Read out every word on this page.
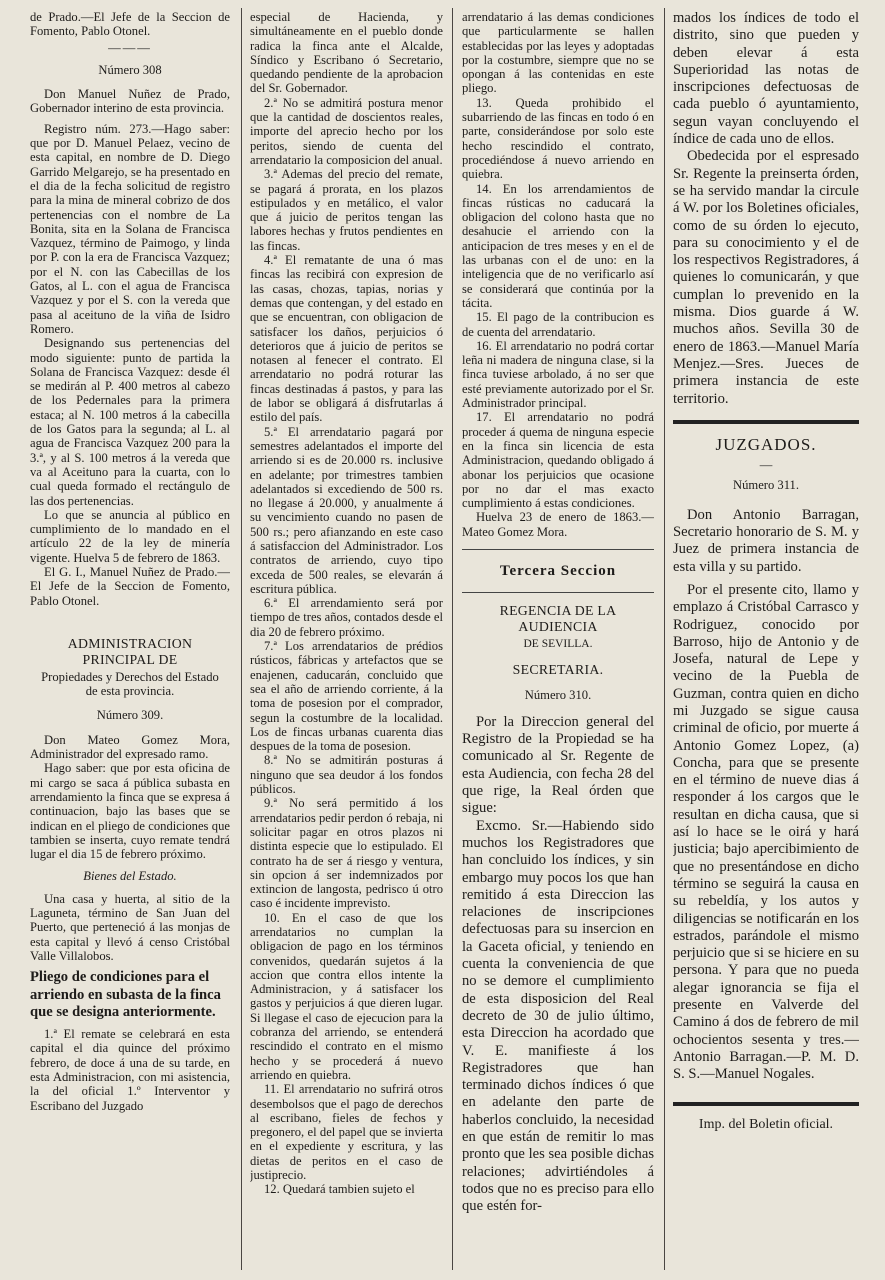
de Prado.—El Jefe de la Seccion de Fomento, Pablo Otonel.

———

Número 308

Don Manuel Nuñez de Prado, Gobernador interino de esta provincia.

Registro núm. 273.—Hago saber: que por D. Manuel Pelaez, vecino de esta capital, en nombre de D. Diego Garrido Melgarejo, se ha presentado en el dia de la fecha solicitud de registro para la mina de mineral cobrizo de dos pertenencias con el nombre de La Bonita, sita en la Solana de Francisca Vazquez, término de Paimogo, y linda por P. con la era de Francisca Vazquez; por el N. con las Cabecillas de los Gatos, al L. con el agua de Francisca Vazquez y por el S. con la vereda que pasa al aceituno de la viña de Isidro Romero.

Designando sus pertenencias del modo siguiente: punto de partida la Solana de Francisca Vazquez: desde él se medirán al P. 400 metros al cabezo de los Pedernales para la primera estaca; al N. 100 metros á la cabecilla de los Gatos para la segunda; al L. al agua de Francisca Vazquez 200 para la 3.ª, y al S. 100 metros á la vereda que va al Aceituno para la cuarta, con lo cual queda formado el rectángulo de las dos pertenencias.

Lo que se anuncia al público en cumplimiento de lo mandado en el artículo 22 de la ley de minería vigente. Huelva 5 de febrero de 1863.

El G. I., Manuel Nuñez de Prado.—El Jefe de la Seccion de Fomento, Pablo Otonel.

ADMINISTRACION PRINCIPAL DE

Propiedades y Derechos del Estado

de esta provincia.

Número 309.

Don Mateo Gomez Mora, Administrador del expresado ramo.

Hago saber: que por esta oficina de mi cargo se saca á pública subasta en arrendamiento la finca que se expresa á continuacion, bajo las bases que se indican en el pliego de condiciones que tambien se inserta, cuyo remate tendrá lugar el dia 15 de febrero próximo.

Bienes del Estado.

Una casa y huerta, al sitio de la Laguneta, término de San Juan del Puerto, que perteneció á las monjas de esta capital y llevó á censo Cristóbal Valle Villalobos.

Pliego de condiciones para el arriendo en subasta de la finca que se designa anteriormente.

1.ª El remate se celebrará en esta capital el dia quince del próximo febrero, de doce á una de su tarde, en esta Administracion, con mi asistencia, la del oficial 1.º Interventor y Escribano del Juzgado

especial de Hacienda, y simultáneamente en el pueblo donde radica la finca ante el Alcalde, Síndico y Escribano ó Secretario, quedando pendiente de la aprobacion del Sr. Gobernador.

2.ª No se admitirá postura menor que la cantidad de doscientos reales, importe del aprecio hecho por los peritos, siendo de cuenta del arrendatario la composicion del anual.

3.ª Ademas del precio del remate, se pagará á prorata, en los plazos estipulados y en metálico, el valor que á juicio de peritos tengan las labores hechas y frutos pendientes en las fincas.

4.ª El rematante de una ó mas fincas las recibirá con expresion de las casas, chozas, tapias, norias y demas que contengan, y del estado en que se encuentran, con obligacion de satisfacer los daños, perjuicios ó deterioros que á juicio de peritos se notasen al fenecer el contrato. El arrendatario no podrá roturar las fincas destinadas á pastos, y para las de labor se obligará á disfrutarlas á estilo del país.

5.ª El arrendatario pagará por semestres adelantados el importe del arriendo si es de 20.000 rs. inclusive en adelante; por trimestres tambien adelantados si excediendo de 500 rs. no llegase á 20.000, y anualmente á su vencimiento cuando no pasen de 500 rs.; pero afianzando en este caso á satisfaccion del Administrador. Los contratos de arriendo, cuyo tipo exceda de 500 reales, se elevarán á escritura pública.

6.ª El arrendamiento será por tiempo de tres años, contados desde el dia 20 de febrero próximo.

7.ª Los arrendatarios de prédios rústicos, fábricas y artefactos que se enajenen, caducarán, concluido que sea el año de arriendo corriente, á la toma de posesion por el comprador, segun la costumbre de la localidad. Los de fincas urbanas cuarenta dias despues de la toma de posesion.

8.ª No se admitirán posturas á ninguno que sea deudor á los fondos públicos.

9.ª No será permitido á los arrendatarios pedir perdon ó rebaja, ni solicitar pagar en otros plazos ni distinta especie que lo estipulado. El contrato ha de ser á riesgo y ventura, sin opcion á ser indemnizados por extincion de langosta, pedrisco ú otro caso é incidente imprevisto.

10. En el caso de que los arrendatarios no cumplan la obligacion de pago en los términos convenidos, quedarán sujetos á la accion que contra ellos intente la Administracion, y á satisfacer los gastos y perjuicios á que dieren lugar. Si llegase el caso de ejecucion para la cobranza del arriendo, se entenderá rescindido el contrato en el mismo hecho y se procederá á nuevo arriendo en quiebra.

11. El arrendatario no sufrirá otros desembolsos que el pago de derechos al escribano, fieles de fechos y pregonero, el del papel que se invierta en el expediente y escritura, y las dietas de peritos en el caso de justiprecio.

12. Quedará tambien sujeto el

arrendatario á las demas condiciones que particularmente se hallen establecidas por las leyes y adoptadas por la costumbre, siempre que no se opongan á las contenidas en este pliego.

13. Queda prohibido el subarriendo de las fincas en todo ó en parte, considerándose por solo este hecho rescindido el contrato, procediéndose á nuevo arriendo en quiebra.

14. En los arrendamientos de fincas rústicas no caducará la obligacion del colono hasta que no desahucie el arriendo con la anticipacion de tres meses y en el de las urbanas con el de uno: en la inteligencia que de no verificarlo así se considerará que continúa por la tácita.

15. El pago de la contribucion es de cuenta del arrendatario.

16. El arrendatario no podrá cortar leña ni madera de ninguna clase, si la finca tuviese arbolado, á no ser que esté previamente autorizado por el Sr. Administrador principal.

17. El arrendatario no podrá proceder á quema de ninguna especie en la finca sin licencia de esta Administracion, quedando obligado á abonar los perjuicios que ocasione por no dar el mas exacto cumplimiento á estas condiciones.

Huelva 23 de enero de 1863.—Mateo Gomez Mora.

Tercera Seccion

REGENCIA DE LA AUDIENCIA

DE SEVILLA.

SECRETARIA.

Número 310.

Por la Direccion general del Registro de la Propiedad se ha comunicado al Sr. Regente de esta Audiencia, con fecha 28 del que rige, la Real órden que sigue:

Excmo. Sr.—Habiendo sido muchos los Registradores que han concluido los índices, y sin embargo muy pocos los que han remitido á esta Direccion las relaciones de inscripciones defectuosas para su insercion en la Gaceta oficial, y teniendo en cuenta la conveniencia de que no se demore el cumplimiento de esta disposicion del Real decreto de 30 de julio último, esta Direccion ha acordado que V. E. manifieste á los Registradores que han terminado dichos índices ó que en adelante den parte de haberlos concluido, la necesidad en que están de remitir lo mas pronto que les sea posible dichas relaciones; advirtiéndoles á todos que no es preciso para ello que estén for-

mados los índices de todo el distrito, sino que pueden y deben elevar á esta Superioridad las notas de inscripciones defectuosas de cada pueblo ó ayuntamiento, segun vayan concluyendo el índice de cada uno de ellos.

Obedecida por el espresado Sr. Regente la preinserta órden, se ha servido mandar la circule á W. por los Boletines oficiales, como de su órden lo ejecuto, para su conocimiento y el de los respectivos Registradores, á quienes lo comunicarán, y que cumplan lo prevenido en la misma. Dios guarde á W. muchos años. Sevilla 30 de enero de 1863.—Manuel María Menjez.—Sres. Jueces de primera instancia de este territorio.

JUZGADOS.

—

Número 311.

Don Antonio Barragan, Secretario honorario de S. M. y Juez de primera instancia de esta villa y su partido.

Por el presente cito, llamo y emplazo á Cristóbal Carrasco y Rodriguez, conocido por Barroso, hijo de Antonio y de Josefa, natural de Lepe y vecino de la Puebla de Guzman, contra quien en dicho mi Juzgado se sigue causa criminal de oficio, por muerte á Antonio Gomez Lopez, (a) Concha, para que se presente en el término de nueve dias á responder á los cargos que le resultan en dicha causa, que si así lo hace se le oirá y hará justicia; bajo apercibimiento de que no presentándose en dicho término se seguirá la causa en su rebeldía, y los autos y diligencias se notificarán en los estrados, parándole el mismo perjuicio que si se hiciere en su persona. Y para que no pueda alegar ignorancia se fija el presente en Valverde del Camino á dos de febrero de mil ochocientos sesenta y tres.—Antonio Barragan.—P. M. D. S. S.—Manuel Nogales.

Imp. del Boletin oficial.
